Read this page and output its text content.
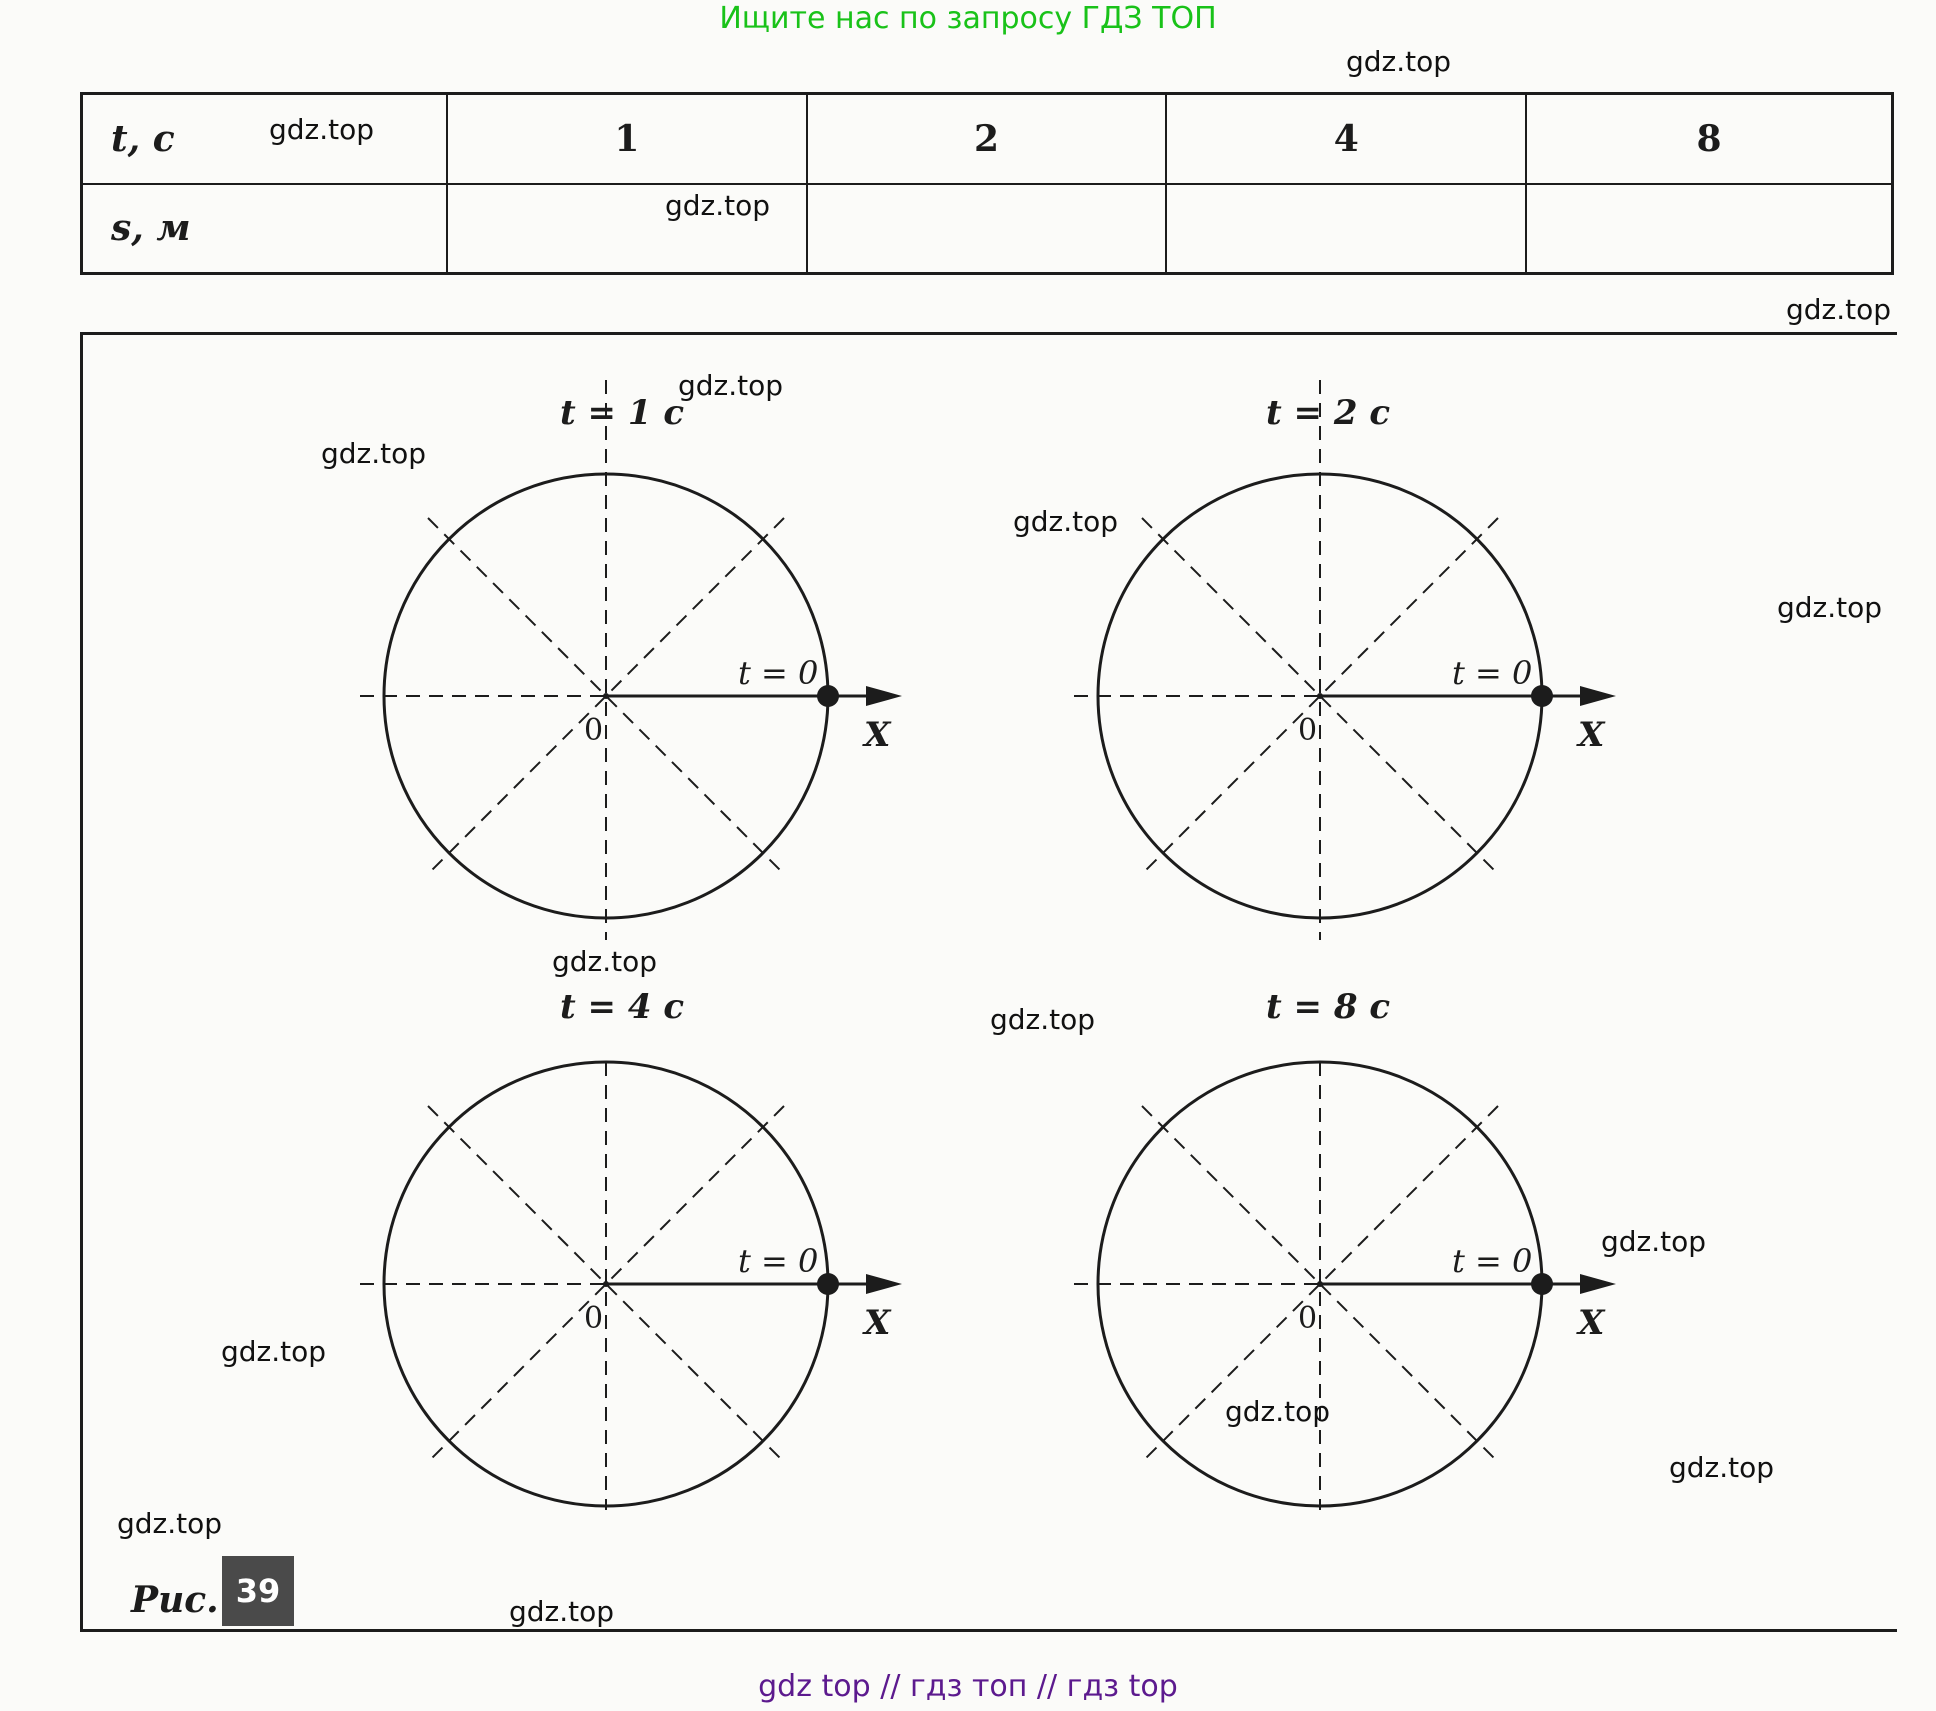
Ищите нас по запросу ГДЗ ТОП
t, с	1	2	4	8
s, м				
t = 1 с
t = 0
0	X
t = 2 с
t = 0
0	X
t = 4 с
t = 0
0	X
t = 8 с
t = 0
0	X
Рис. 39
gdz.top
gdz.top
gdz.top
gdz.top
gdz.top
gdz.top
gdz.top
gdz.top
gdz.top
gdz.top
gdz.top
gdz.top
gdz.top
gdz.top
gdz.top
gdz.top
gdz top // гдз топ // гдз top
